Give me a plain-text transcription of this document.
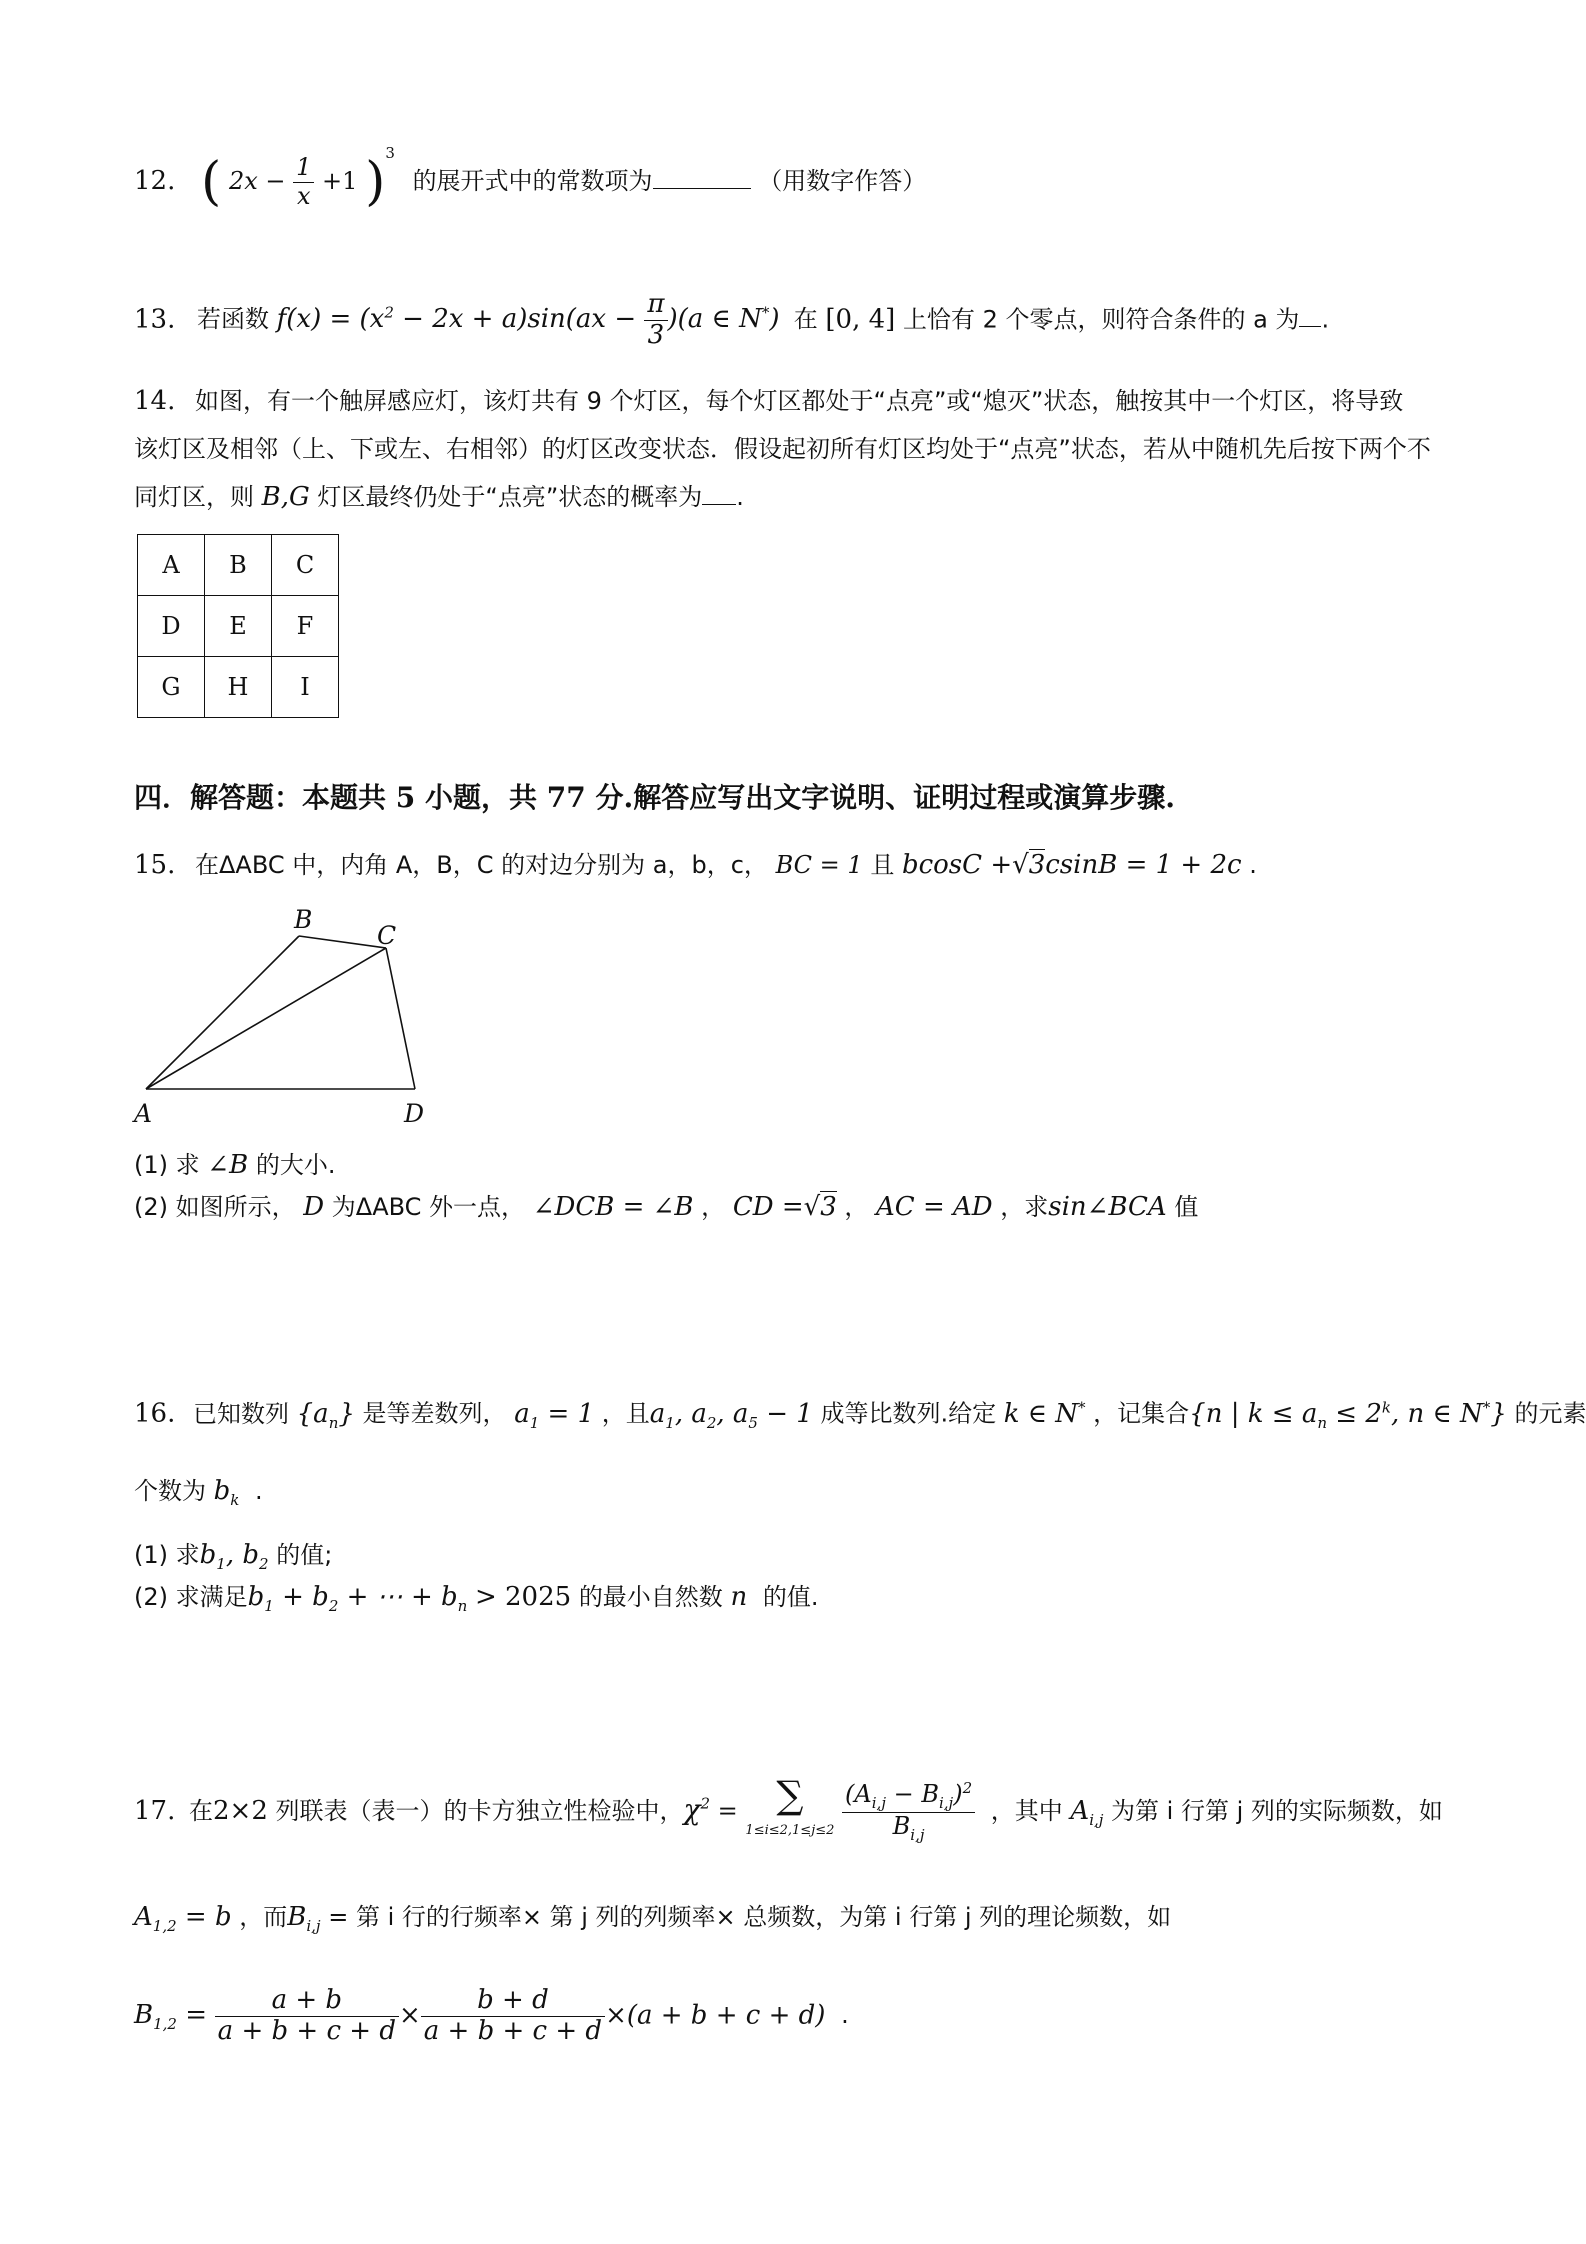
12. ( $2x - \frac{1}{x} +1$ )$^3$ 的展开式中的常数项为	（用数字作答）
13. 若函数 $f(x) = (x^2 - 2x + a)\sin(ax - \frac{\pi}{3} )(a$ ∈ N*) 在 [0, 4] 上恰有 2 个零点，则符合条件的 a 为 .
14. 如图，有一个触屏感应灯，该灯共有 9 个灯区，每个灯区都处于“点亮”或“熄灭”状态，触按其中一个灯区，将导致
该灯区及相邻（上、下或左、右相邻）的灯区改变状态．假设起初所有灯区均处于“点亮”状态，若从中随机先后按下两个不
同灯区，则 B,G 灯区最终仍处于“点亮”状态的概率为 .
A	B	C
D	E	F
G	H	I
四．解答题：本题共 5 小题，共 77 分.解答应写出文字说明、证明过程或演算步骤.
15. 在ΔABC 中，内角 A，B，C 的对边分别为 a，b，c， BC = 1 且 bcosC +√3csinB = 1 + 2c .
B
C
A	D
(1) 求 ∠B 的大小.
(2) 如图所示， D 为ΔABC 外一点， ∠DCB = ∠B ， CD =√3 ， AC = AD ，求sin∠BCA 值
16. 已知数列 $\{a_n\}$ 是等差数列， $a_1 = 1$ ，且$a_1$, $a_2$, $a_5 - 1$ 成等比数列.给定 k ∈ N* ，记集合{n | $k \le a_n \le 2^k$, n ∈ N*} 的元素
个数为 $b_k$ .
(1) 求$b_1$, $b_2$ 的值;
(2) 求满足$b_1 + b_2$ + ⋯ + $b_n > 2025$ 的最小自然数 n 的值.
17. 在2×2 列联表（表一）的卡方独立性检验中，$\chi^2$ = ∑
1≤i≤2,1≤j≤2
$\frac{(A_{i,j} - B_{i,j})^2}{B_{i,j}}$ ，其中 $A_{i,j}$ 为第 i 行第 j 列的实际频数，如
$A_{1,2} = b$ ，而$B_{i,j}$ = 第 i 行的行频率× 第 j 列的列频率× 总频数，为第 i 行第 j 列的理论频数，如
$B_{1,2} = \frac{a + b}{a + b + c + d} \times \frac{b + d}{a + b + c + d} \times(a + b + c + d)$ .
